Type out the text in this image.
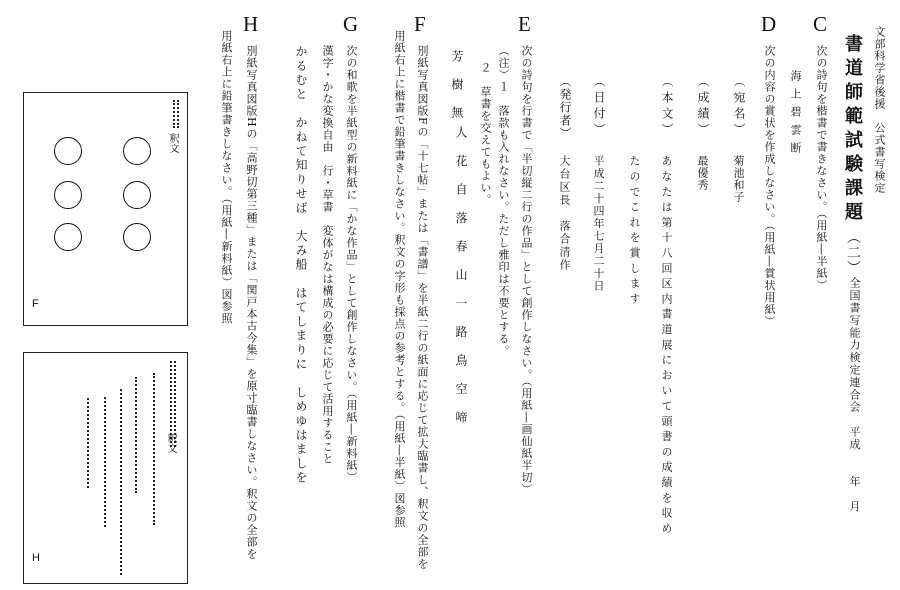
文部科学省後援　公式書写検定
書道師範試験課題
（二）
全国書写能力検定連合会　平成　　年　月
C
次の詩句を楷書で書きなさい。（用紙―半紙）
海上碧雲断
D
次の内容の賞状を作成しなさい。（用紙―賞状用紙）
（宛名）
菊池和子
（成績）
最優秀
（本文）
あなたは第十八回区内書道展において頭書の成績を収め
たのでこれを賞します
（日付）
平成二十四年七月二十日
（発行者）
大台区長　落合清作
E
次の詩句を行書で「半切縦二行の作品」として創作しなさい。（用紙―画仙紙半切）
（注）１　落款も入れなさい。ただし雅印は不要とする。
２　草書を交えてもよい。
人花自落春山一路鳥空啼
芳樹無
F
別紙写真図版Fの「十七帖」または「書譜」を半紙二行の紙面に応じて拡大臨書し、釈文の全部を
用紙右上に楷書で鉛筆書きしなさい。釈文の字形も採点の参考とする。（用紙―半紙）図参照
G
次の和歌を半紙型の新料紙に「かな作品」として創作しなさい。（用紙―新料紙）
漢字・かな変換自由　行・草書　変体がなは構成の必要に応じて活用すること
かるむと　かねて知りせば　大み船　はてしまりに　しめゆはましを
H
別紙写真図版Hの「高野切第三種」または「関戸本古今集」を原寸臨書しなさい。釈文の全部を
用紙右上に鉛筆書きしなさい。（用紙―新料紙）図参照
釈文
F
釈文
H
